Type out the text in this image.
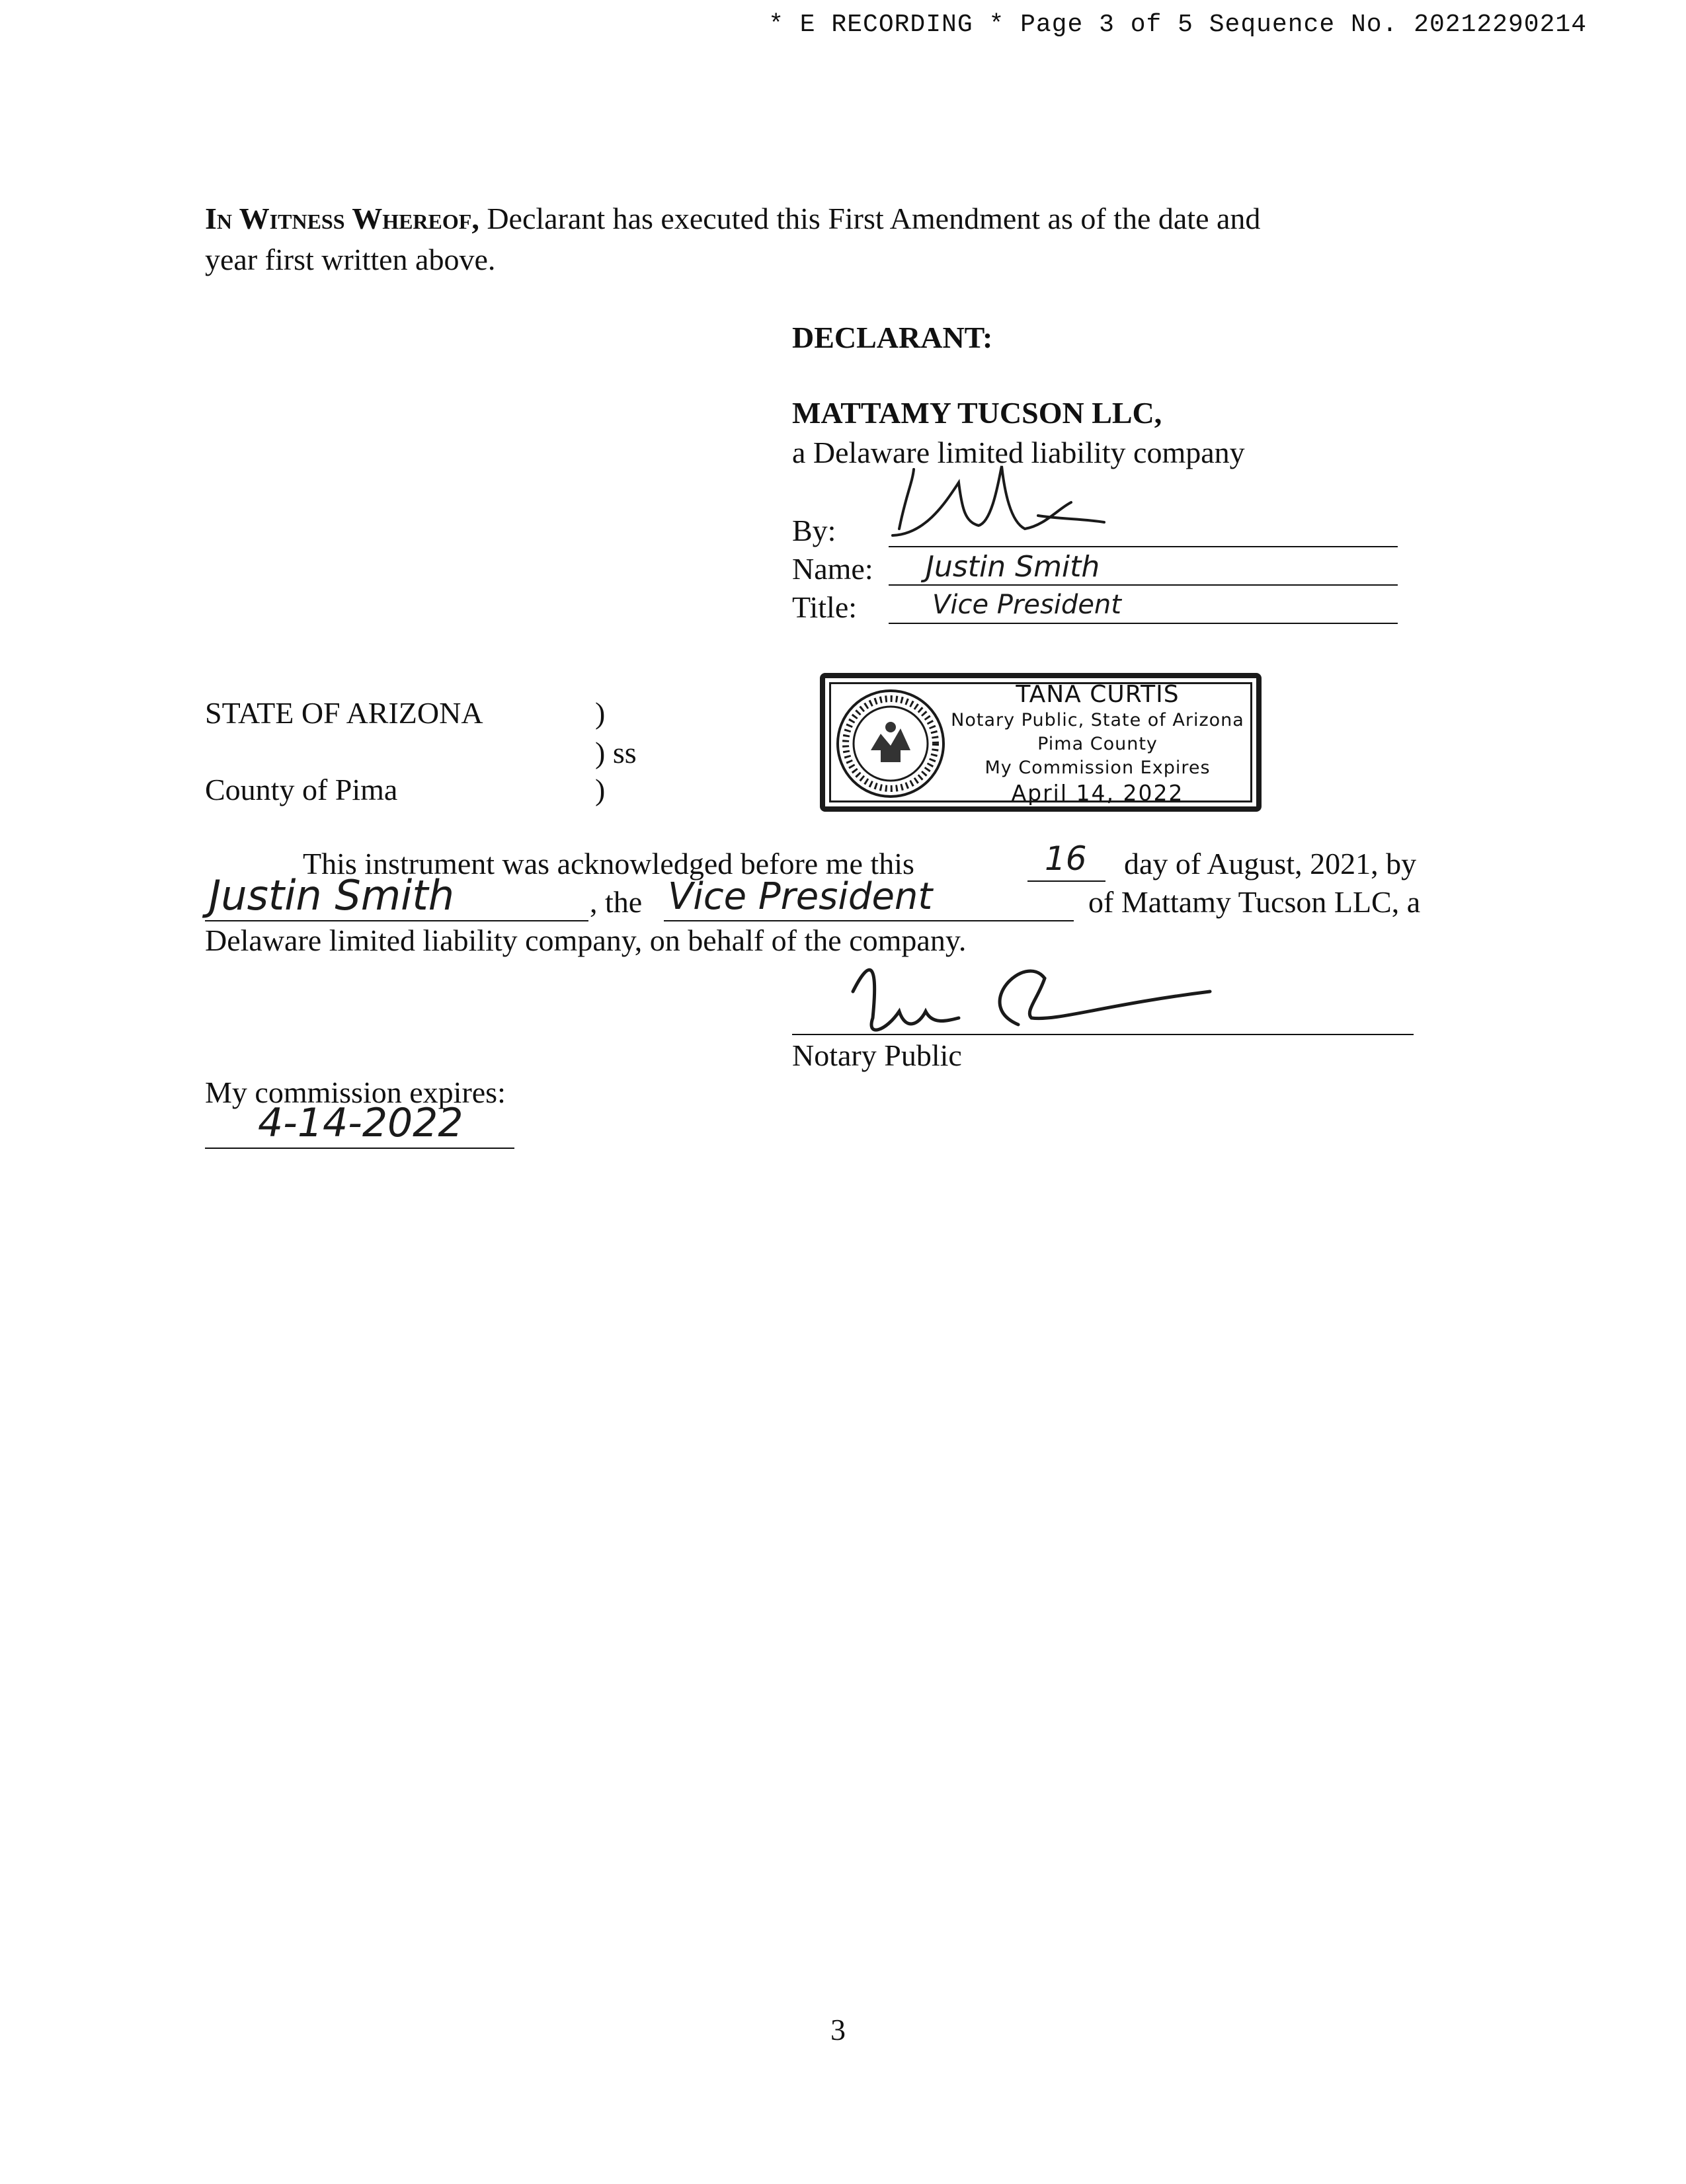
* E RECORDING * Page 3 of 5 Sequence No. 20212290214
In Witness Whereof, Declarant has executed this First Amendment as of the date and
year first written above.
DECLARANT:
MATTAMY TUCSON LLC,
a Delaware limited liability company
By:
Name: Justin Smith
Title:	Vice President
STATE OF ARIZONA	)
) ss
County of Pima	)
TANA CURTIS
Notary Public, State of Arizona
Pima County
My Commission Expires
April 14, 2022
This instrument was acknowledged before me this	16 day of August, 2021, by
Justin Smith	, the Vice President	of Mattamy Tucson LLC, a
Delaware limited liability company, on behalf of the company.
Notary Public
My commission expires:
4-14-2022
3
